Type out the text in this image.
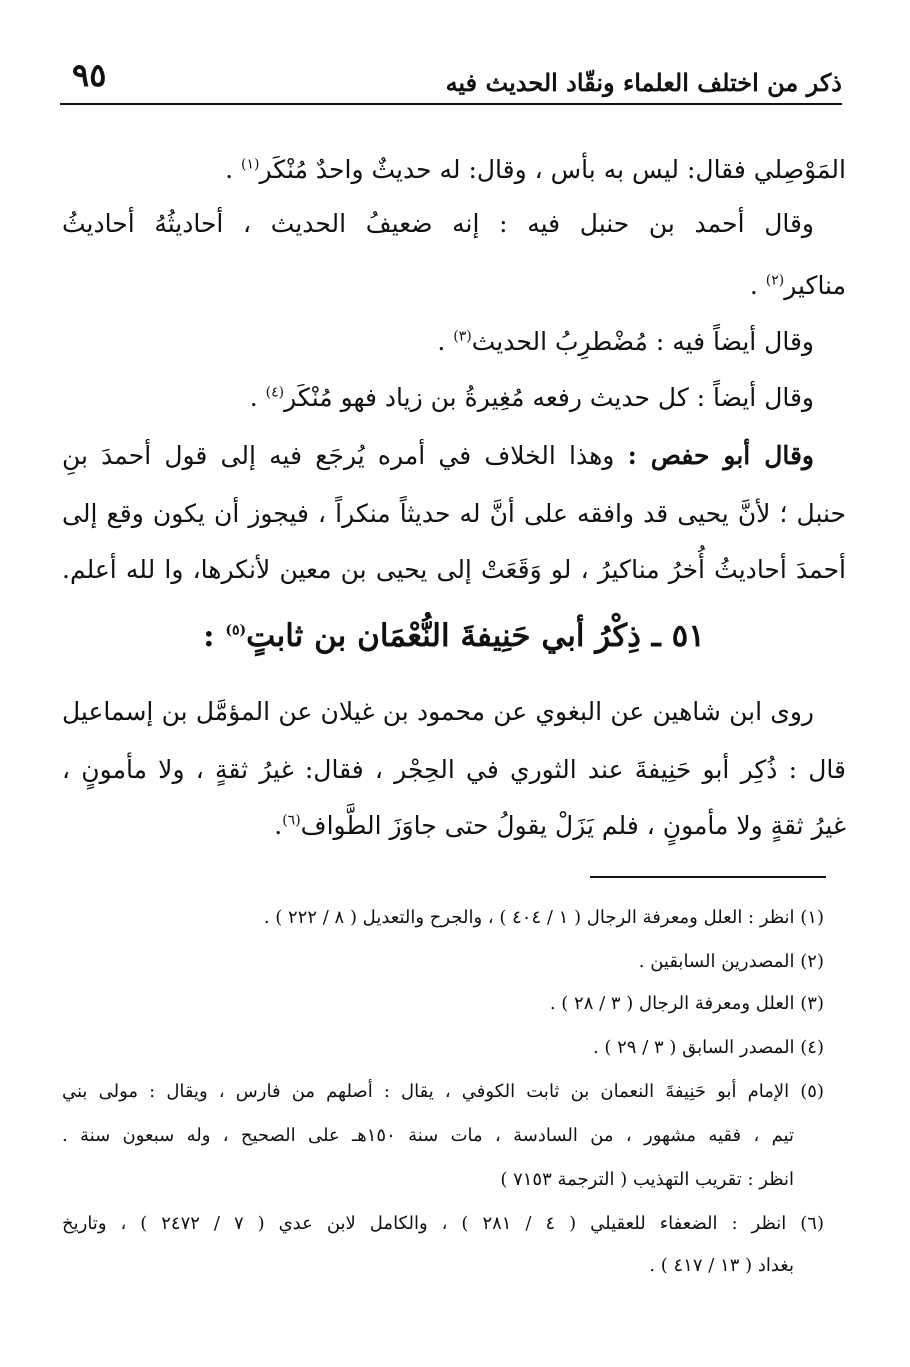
ذكر من اختلف العلماء ونقّاد الحديث فيه
٩٥
المَوْصِلي فقال: ليس به بأس ، وقال: له حديثٌ واحدٌ مُنْكَر$^{(١)}$ .
وقال أحمد بن حنبل فيه : إنه ضعيفُ الحديث ، أحاديثُهُ أحاديثُ
مناكير$^{(٢)}$ .
وقال أيضاً فيه : مُضْطرِبُ الحديث$^{(٣)}$ .
وقال أيضاً : كل حديث رفعه مُغِيرةُ بن زياد فهو مُنْكَر$^{(٤)}$ .
وقال أبو حفص : وهذا الخلاف في أمره يُرجَع فيه إلى قول أحمدَ بنِ
حنبل ؛ لأنَّ يحيى قد وافقه على أنَّ له حديثاً منكراً ، فيجوز أن يكون وقع إلى
أحمدَ أحاديثُ أُخرُ مناكيرُ ، لو وَقَعَتْ إلى يحيى بن معين لأنكرها، وا لله أعلم.
٥١ ـ ذِكْرُ أبي حَنِيفةَ النُّعْمَان بن ثابتٍ$^{(٥)}$ :
روى ابن شاهين عن البغوي عن محمود بن غيلان عن المؤمَّل بن إسماعيل
قال : ذُكِر أبو حَنِيفةَ عند الثوري في الحِجْر ، فقال: غيرُ ثقةٍ ، ولا مأمونٍ ،
غيرُ ثقةٍ ولا مأمونٍ ، فلم يَزَلْ يقولُ حتى جاوَزَ الطَّواف$^{(٦)}$.
(١) انظر : العلل ومعرفة الرجال ( ١ / ٤٠٤ ) ، والجرح والتعديل ( ٨ / ٢٢٢ ) .
(٢) المصدرين السابقين .
(٣) العلل ومعرفة الرجال ( ٣ / ٢٨ ) .
(٤) المصدر السابق ( ٣ / ٢٩ ) .
(٥) الإمام أبو حَنِيفةَ النعمان بن ثابت الكوفي ، يقال : أصلهم من فارس ، ويقال : مولى بني
تيم ، فقيه مشهور ، من السادسة ، مات سنة ١٥٠هـ على الصحيح ، وله سبعون سنة .
انظر : تقريب التهذيب ( الترجمة ٧١٥٣ )
(٦) انظر : الضعفاء للعقيلي ( ٤ / ٢٨١ ) ، والكامل لابن عدي ( ٧ / ٢٤٧٢ ) ، وتاريخ
بغداد ( ١٣ / ٤١٧ ) .
